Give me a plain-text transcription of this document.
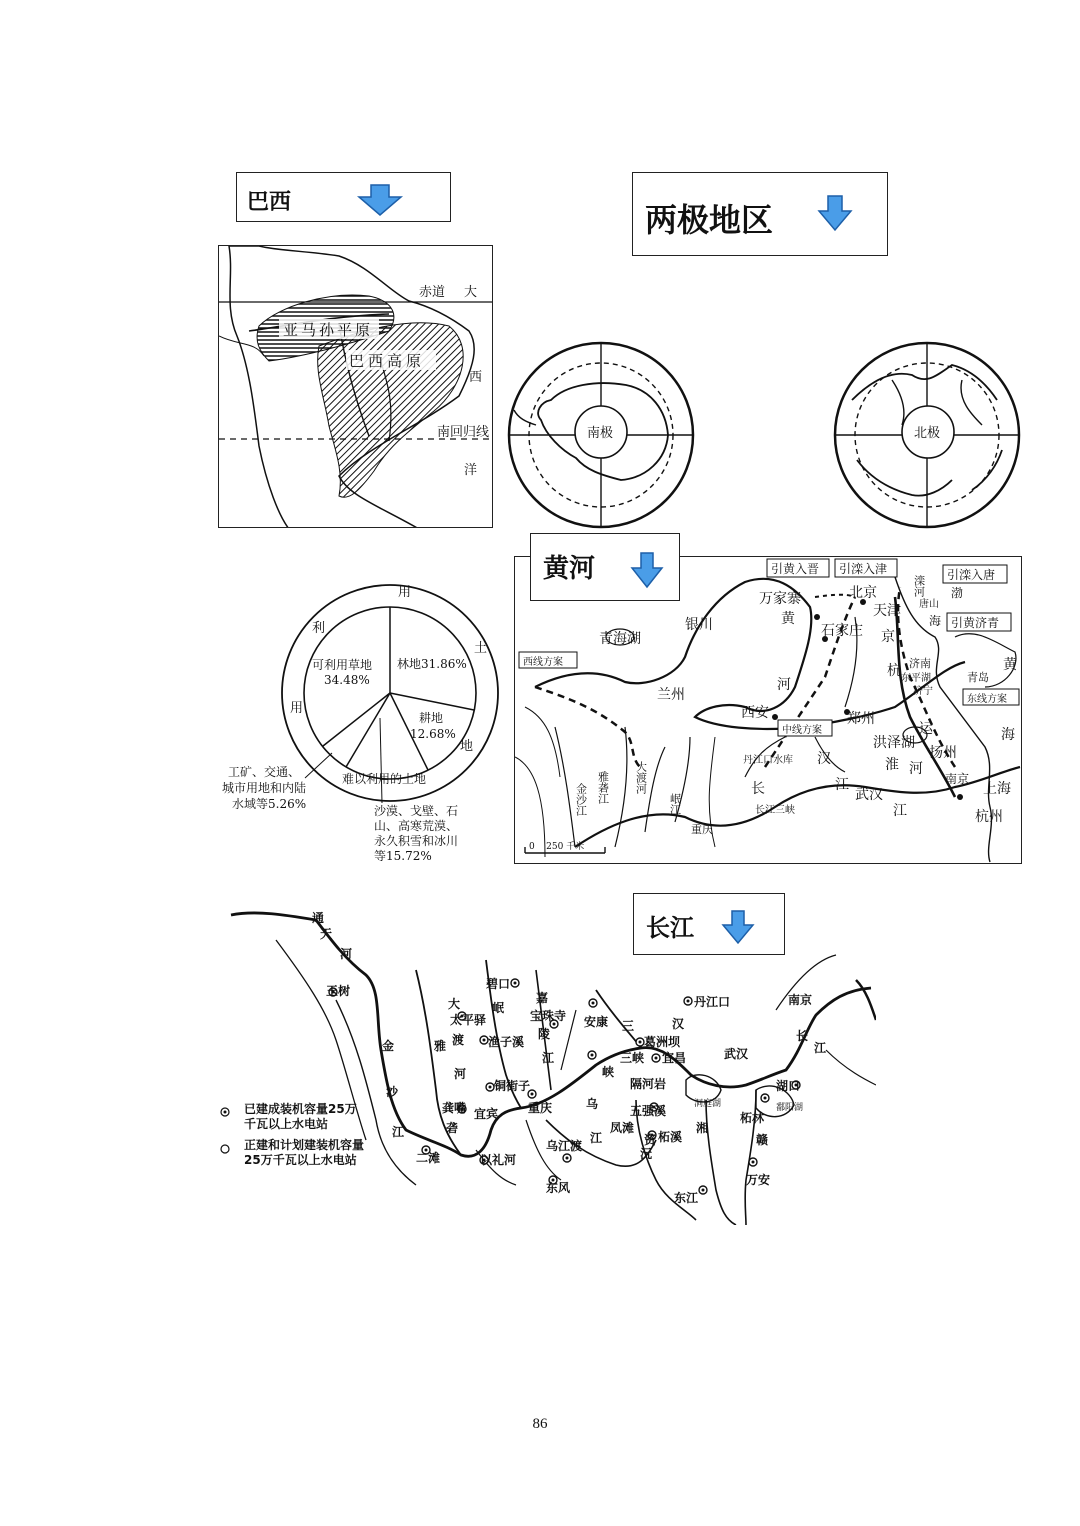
巴西	两极地区
赤道 大
西
南回归线
洋
亚马孙平原
巴西高原
南极	北极
引黄入晋 引滦入津	引滦入唐
引黄济青
西线方案
东线方案
中线方案
滦河
万家寨	北京
天津 唐山
渤
海
黄
石家庄 京
青海湖
银川
济南
东平湖
济宁
杭	青岛
黄
兰州
河
西安	郑州
运
洪泽湖
扬州
海
丹江口水库 汉	淮 河
南京
上海
长	江
武汉
长江三峡	江	杭州
重庆
金沙江 雅砻江 大渡河
岷江
0    250 千米
黄河
用
土
地
利
用
可利用草地
34.48%
林地31.86%
耕地
12.68%
难以利用的土地
工矿、交通、
城市用地和内陆
水域等5.26%	沙漠、戈壁、石
山、高寒荒漠、
永久积雪和冰川
等15.72%
长江
通
天
河
玉树
金
沙
江
雅
砻
河
二滩
大
太平驿
渡 渔子溪
铜街子
龚嘴 宜宾
以礼河
碧口
岷
宝珠寺
嘉
陵
江
安康
丹江口
汉
重庆	乌
江
乌江渡
东风
三
三峡
峡
葛洲坝
宜昌
隔河岩
五强溪
凤滩
柘溪
沅
资
湘
东江
万安
柘林
赣
武汉
湖口
南京
长
江
洞庭湖	鄱阳湖
已建成装机容量25万
千瓦以上水电站
正建和计划建装机容量
25万千瓦以上水电站
86
